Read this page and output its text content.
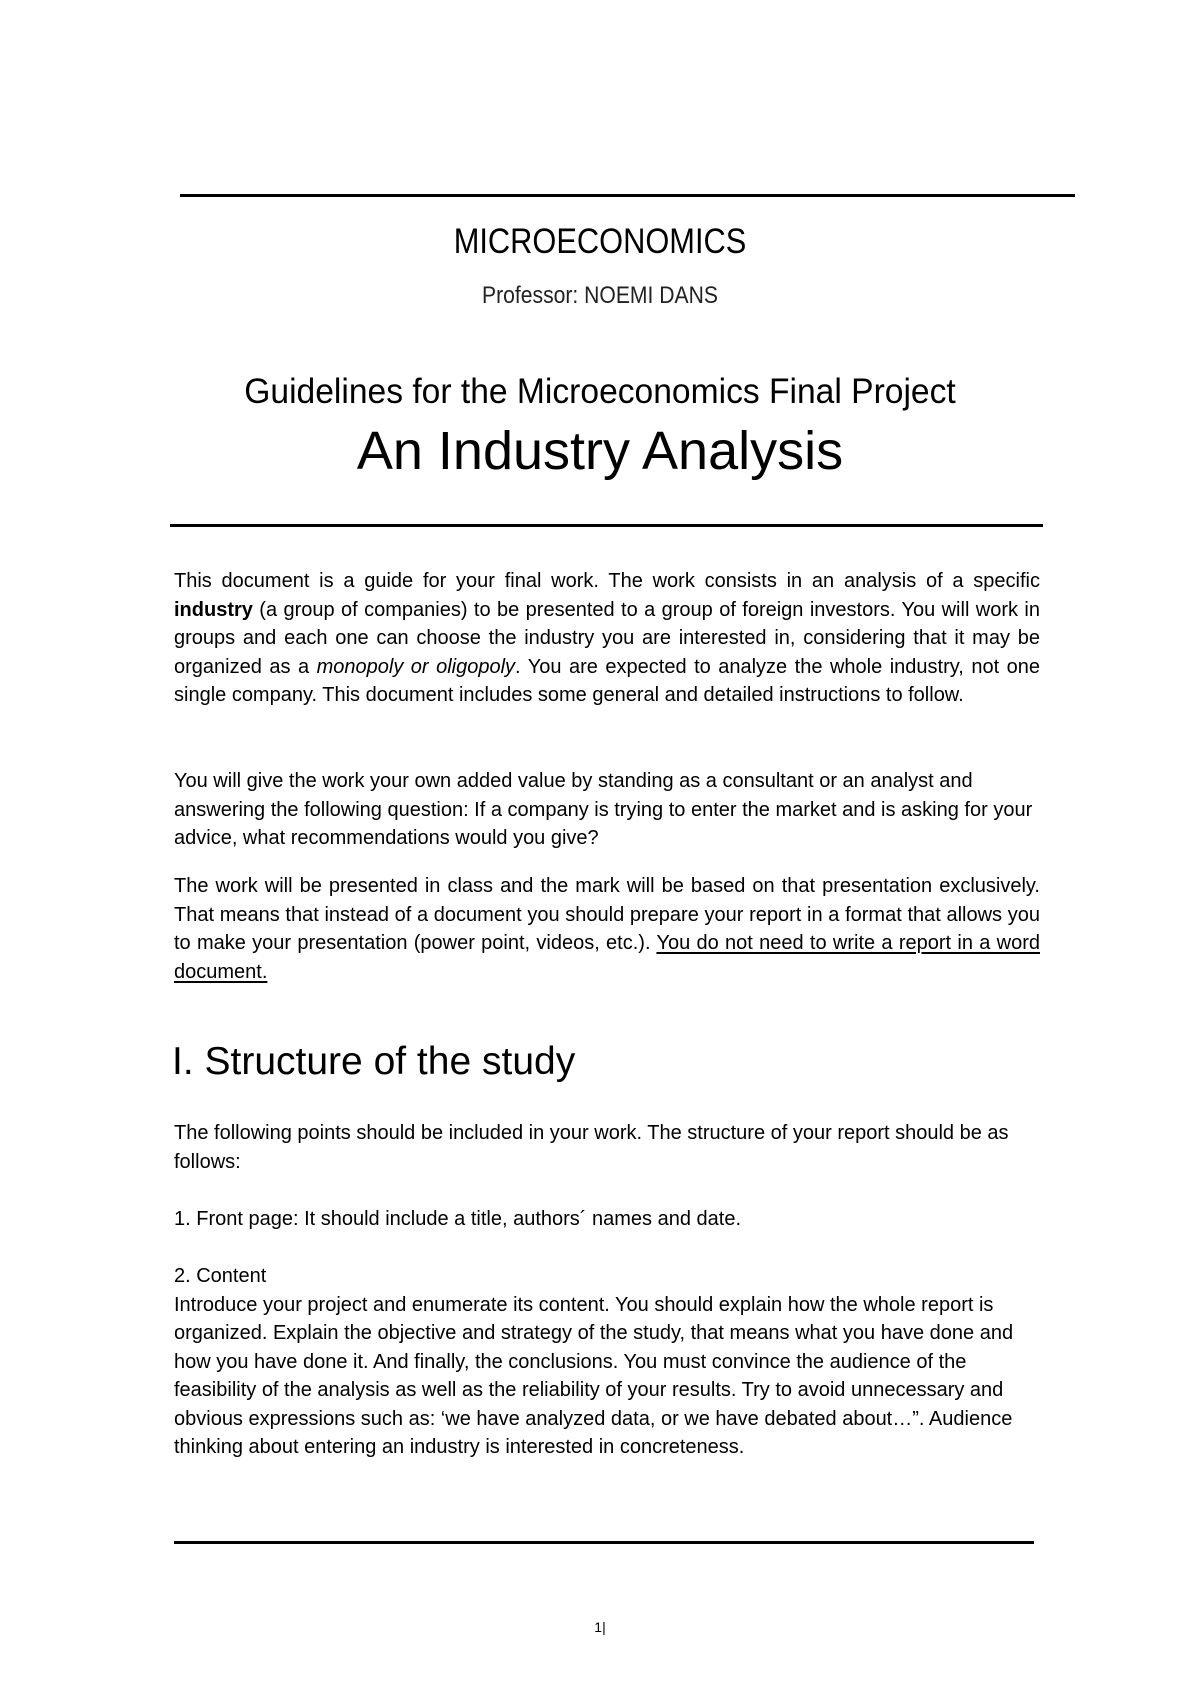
MICROECONOMICS
Professor: NOEMI DANS
Guidelines for the Microeconomics Final Project
An Industry Analysis

This document is a guide for your final work. The work consists in an analysis of a specific industry (a group of companies) to be presented to a group of foreign investors. You will work in groups and each one can choose the industry you are interested in, considering that it may be organized as a monopoly or oligopoly. You are expected to analyze the whole industry, not one single company. This document includes some general and detailed instructions to follow.

You will give the work your own added value by standing as a consultant or an analyst and answering the following question: If a company is trying to enter the market and is asking for your advice, what recommendations would you give?

The work will be presented in class and the mark will be based on that presentation exclusively. That means that instead of a document you should prepare your report in a format that allows you to make your presentation (power point, videos, etc.). You do not need to write a report in a word document.

I. Structure of the study

The following points should be included in your work. The structure of your report should be as follows:

1. Front page: It should include a title, authors´ names and date.

2. Content
Introduce your project and enumerate its content. You should explain how the whole report is organized. Explain the objective and strategy of the study, that means what you have done and how you have done it. And finally, the conclusions. You must convince the audience of the feasibility of the analysis as well as the reliability of your results. Try to avoid unnecessary and obvious expressions such as: ‘we have analyzed data, or we have debated about…”. Audience thinking about entering an industry is interested in concreteness.
1|
